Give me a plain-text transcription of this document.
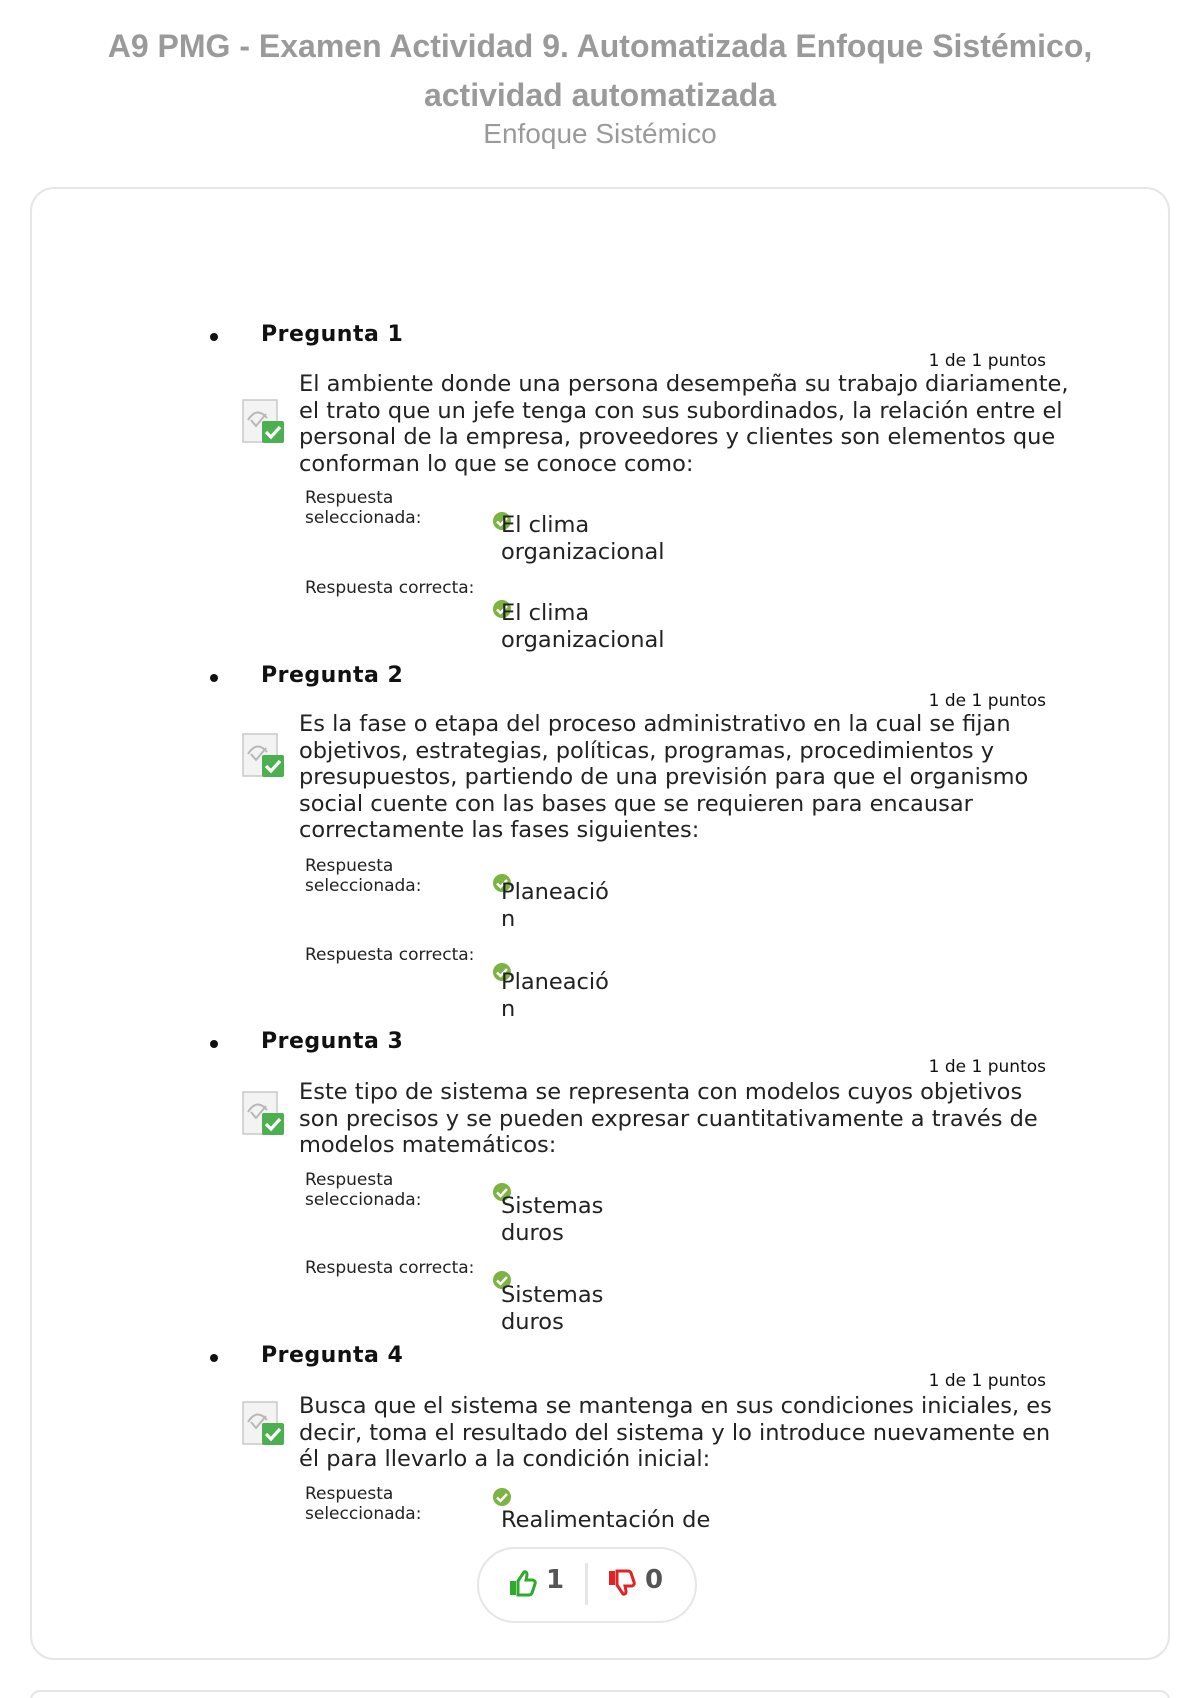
A9 PMG - Examen Actividad 9. Automatizada Enfoque Sistémico, actividad automatizada
Enfoque Sistémico
Pregunta 1
1 de 1 puntos
El ambiente donde una persona desempeña su trabajo diariamente, el trato que un jefe tenga con sus subordinados, la relación entre el personal de la empresa, proveedores y clientes son elementos que conforman lo que se conoce como:
Respuesta seleccionada:	El clima organizacional
Respuesta correcta:
El clima organizacional
Pregunta 2
1 de 1 puntos
Es la fase o etapa del proceso administrativo en la cual se fijan objetivos, estrategias, políticas, programas, procedimientos y presupuestos, partiendo de una previsión para que el organismo social cuente con las bases que se requieren para encausar correctamente las fases siguientes:
Respuesta seleccionada:	Planeación
Respuesta correcta:
Planeación
Pregunta 3
1 de 1 puntos
Este tipo de sistema se representa con modelos cuyos objetivos son precisos y se pueden expresar cuantitativamente a través de modelos matemáticos:
Respuesta seleccionada:	Sistemas duros
Respuesta correcta:
Sistemas duros
Pregunta 4
1 de 1 puntos
Busca que el sistema se mantenga en sus condiciones iniciales, es decir, toma el resultado del sistema y lo introduce nuevamente en él para llevarlo a la condición inicial:
Respuesta seleccionada:	Realimentación de
1	0
